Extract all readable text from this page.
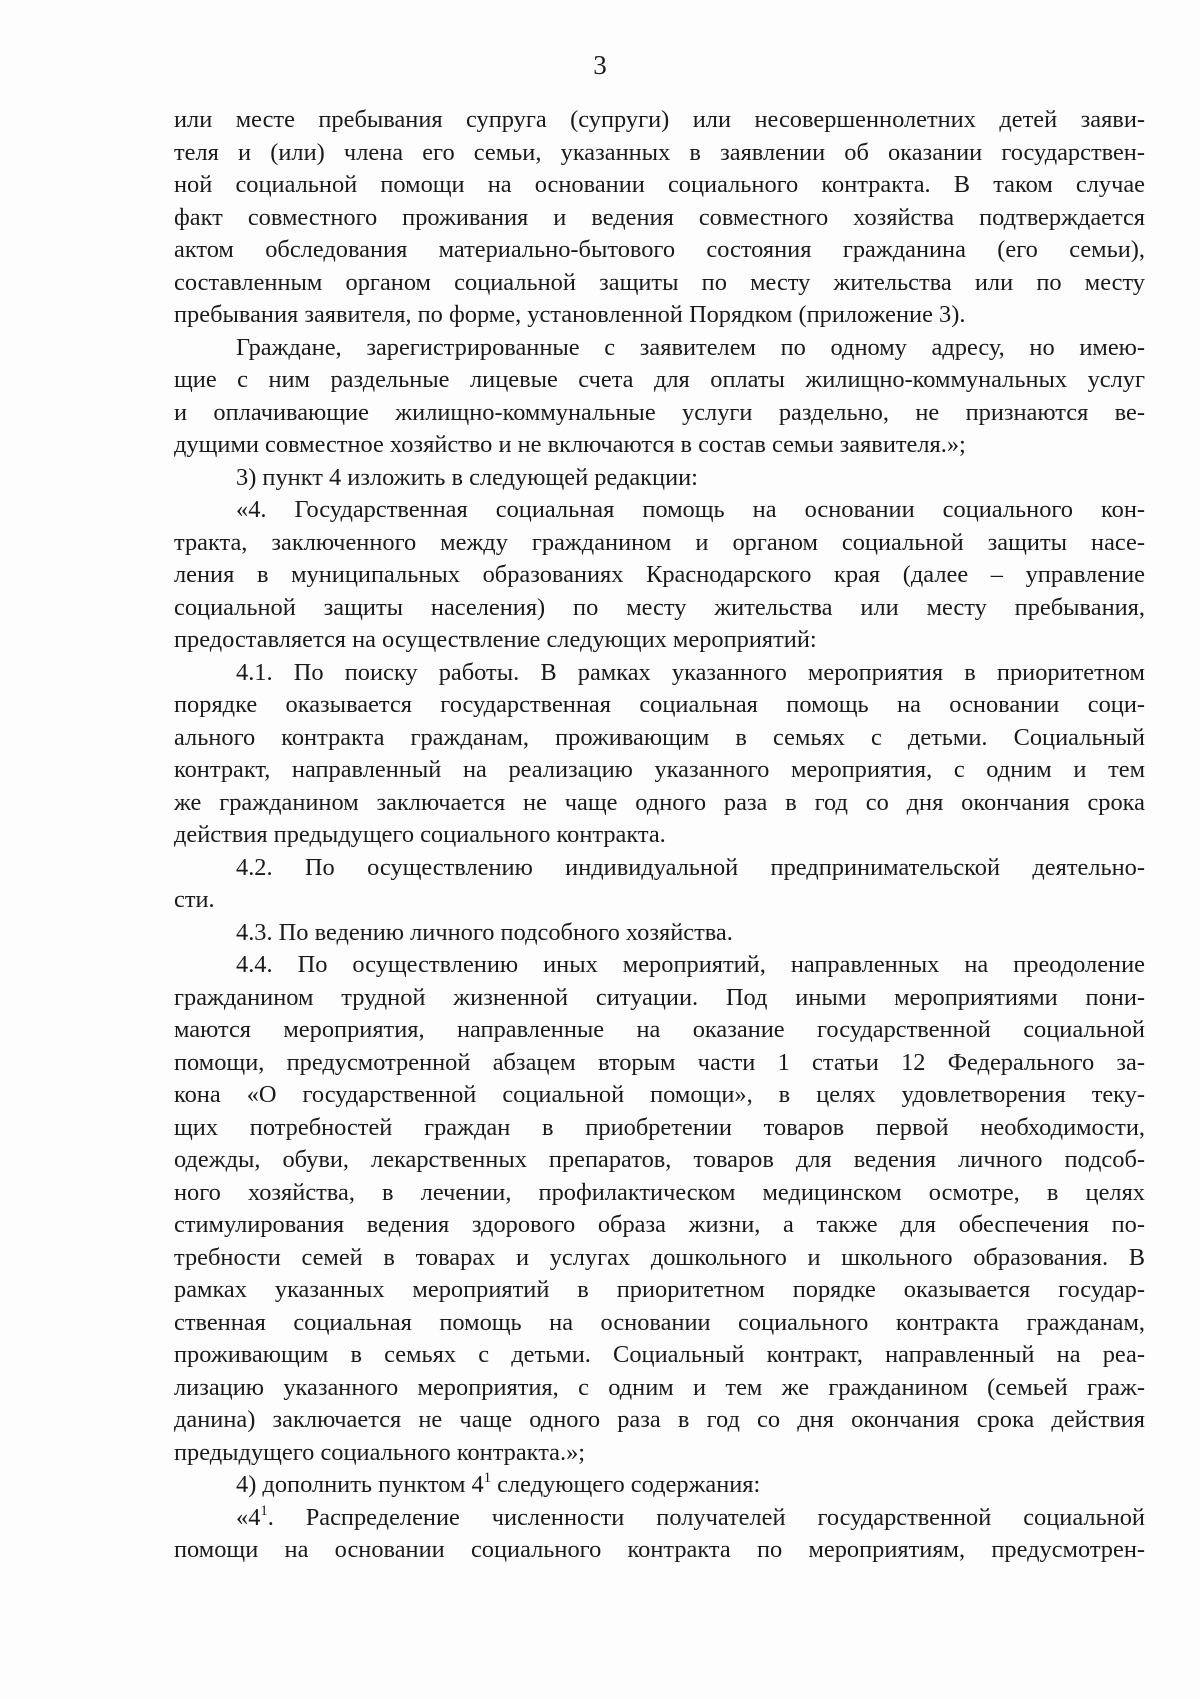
3
или месте пребывания супруга (супруги) или несовершеннолетних детей заяви-
теля и (или) члена его семьи, указанных в заявлении об оказании государствен-
ной социальной помощи на основании социального контракта. В таком случае
факт совместного проживания и ведения совместного хозяйства подтверждается
актом обследования материально-бытового состояния гражданина (его семьи),
составленным органом социальной защиты по месту жительства или по месту
пребывания заявителя, по форме, установленной Порядком (приложение 3).
Граждане, зарегистрированные с заявителем по одному адресу, но имею-
щие с ним раздельные лицевые счета для оплаты жилищно-коммунальных услуг
и оплачивающие жилищно-коммунальные услуги раздельно, не признаются ве-
дущими совместное хозяйство и не включаются в состав семьи заявителя.»;
3) пункт 4 изложить в следующей редакции:
«4. Государственная социальная помощь на основании социального кон-
тракта, заключенного между гражданином и органом социальной защиты насе-
ления в муниципальных образованиях Краснодарского края (далее – управление
социальной защиты населения) по месту жительства или месту пребывания,
предоставляется на осуществление следующих мероприятий:
4.1. По поиску работы. В рамках указанного мероприятия в приоритетном
порядке оказывается государственная социальная помощь на основании соци-
ального контракта гражданам, проживающим в семьях с детьми. Социальный
контракт, направленный на реализацию указанного мероприятия, с одним и тем
же гражданином заключается не чаще одного раза в год со дня окончания срока
действия предыдущего социального контракта.
4.2. По осуществлению индивидуальной предпринимательской деятельно-
сти.
4.3. По ведению личного подсобного хозяйства.
4.4. По осуществлению иных мероприятий, направленных на преодоление
гражданином трудной жизненной ситуации. Под иными мероприятиями пони-
маются мероприятия, направленные на оказание государственной социальной
помощи, предусмотренной абзацем вторым части 1 статьи 12 Федерального за-
кона «О государственной социальной помощи», в целях удовлетворения теку-
щих потребностей граждан в приобретении товаров первой необходимости,
одежды, обуви, лекарственных препаратов, товаров для ведения личного подсоб-
ного хозяйства, в лечении, профилактическом медицинском осмотре, в целях
стимулирования ведения здорового образа жизни, а также для обеспечения по-
требности семей в товарах и услугах дошкольного и школьного образования. В
рамках указанных мероприятий в приоритетном порядке оказывается государ-
ственная социальная помощь на основании социального контракта гражданам,
проживающим в семьях с детьми. Социальный контракт, направленный на реа-
лизацию указанного мероприятия, с одним и тем же гражданином (семьей граж-
данина) заключается не чаще одного раза в год со дня окончания срока действия
предыдущего социального контракта.»;
4) дополнить пунктом $4^1$ следующего содержания:
«$4^1$. Распределение численности получателей государственной социальной
помощи на основании социального контракта по мероприятиям, предусмотрен-
